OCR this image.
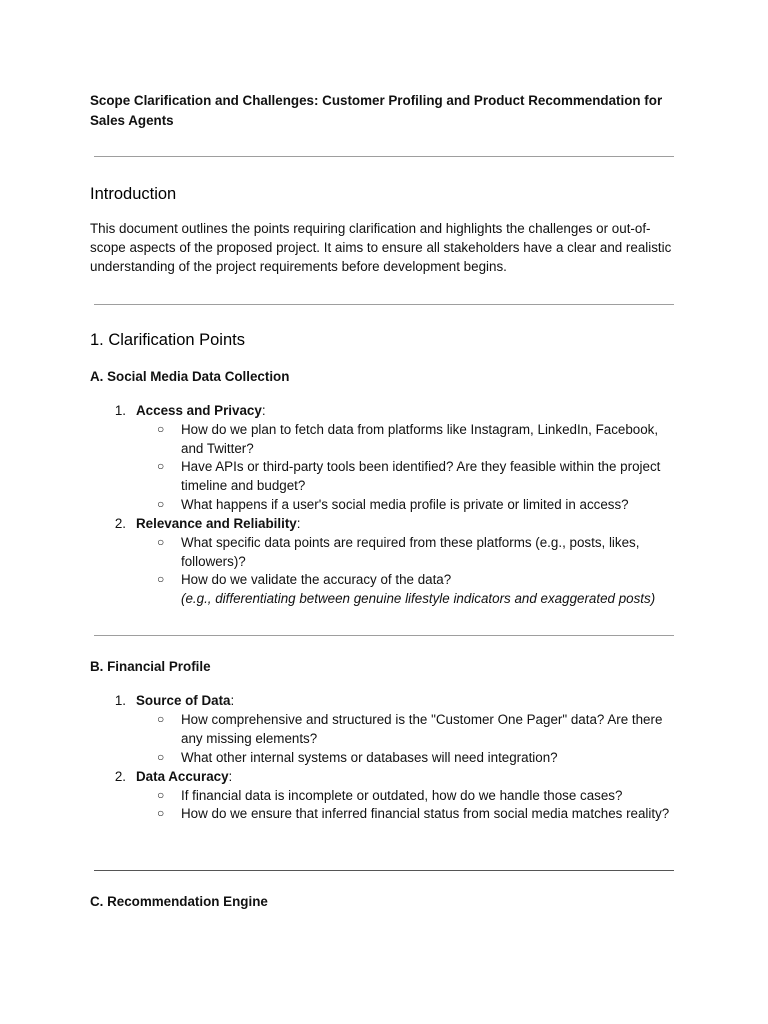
Scope Clarification and Challenges: Customer Profiling and Product Recommendation for Sales Agents
Introduction

This document outlines the points requiring clarification and highlights the challenges or out-of-scope aspects of the proposed project. It aims to ensure all stakeholders have a clear and realistic understanding of the project requirements before development begins.

1. Clarification Points
A. Social Media Data Collection
1. Access and Privacy:
○ How do we plan to fetch data from platforms like Instagram, LinkedIn, Facebook, and Twitter?
○ Have APIs or third-party tools been identified? Are they feasible within the project timeline and budget?
○ What happens if a user's social media profile is private or limited in access?
2. Relevance and Reliability:
○ What specific data points are required from these platforms (e.g., posts, likes, followers)?
○ How do we validate the accuracy of the data?
(e.g., differentiating between genuine lifestyle indicators and exaggerated posts)
B. Financial Profile
1. Source of Data:
○ How comprehensive and structured is the "Customer One Pager" data? Are there any missing elements?
○ What other internal systems or databases will need integration?
2. Data Accuracy:
○ If financial data is incomplete or outdated, how do we handle those cases?
○ How do we ensure that inferred financial status from social media matches reality?
C. Recommendation Engine
